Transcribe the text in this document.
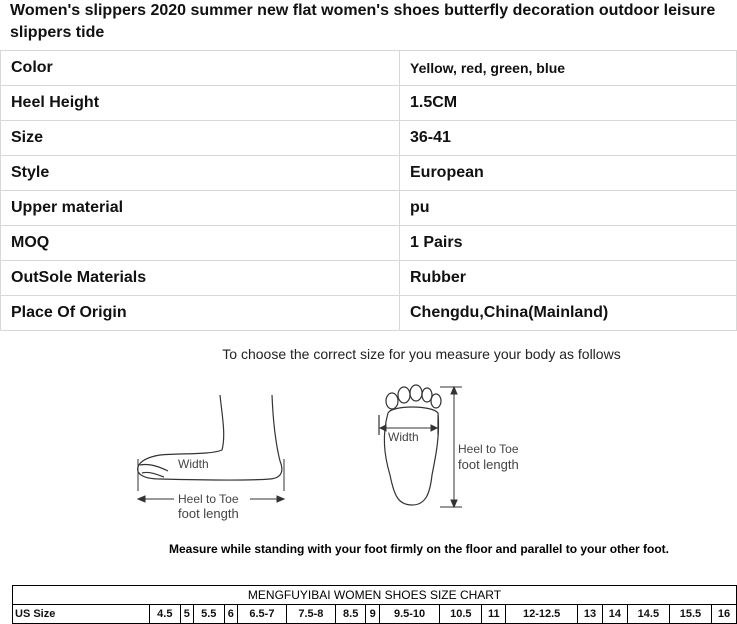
Women's slippers 2020 summer new flat women's shoes butterfly decoration outdoor leisure slippers tide
Color	Yellow, red, green, blue
Heel Height	1.5CM
Size	36-41
Style	European
Upper material	pu
MOQ	1 Pairs
OutSole Materials	Rubber
Place Of Origin	Chengdu,China(Mainland)
To choose the correct size for you measure your body as follows
Width
Heel to Toe
foot length
Width
Heel to Toe
foot length
Measure while standing with your foot firmly on the floor and parallel to your other foot.
MENGFUYIBAI WOMEN SHOES SIZE CHART
US Size	4.5	5	5.5	6	6.5-7	7.5-8	8.5	9	9.5-10	10.5	11	12-12.5	13	14	14.5	15.5	16
